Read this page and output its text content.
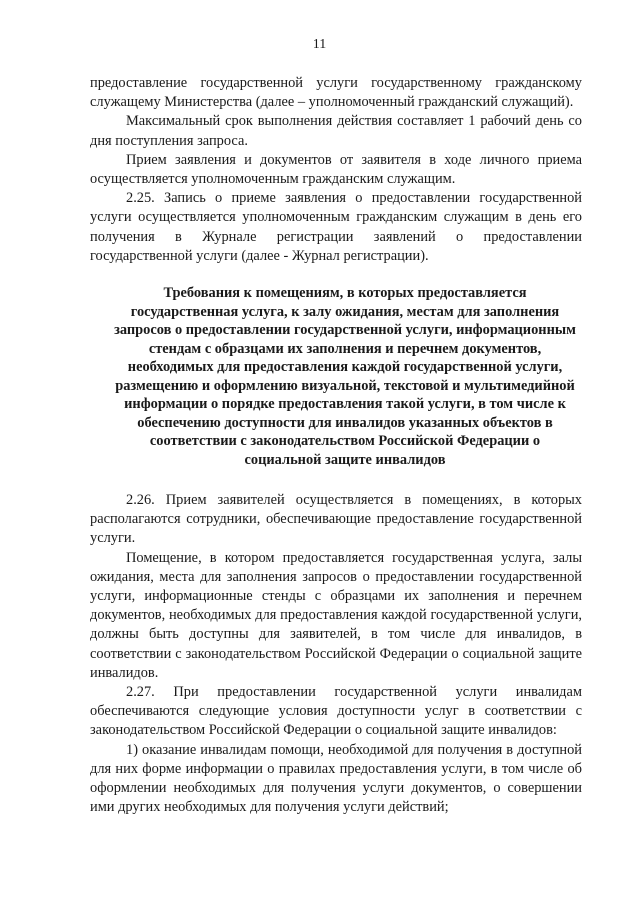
11

предоставление государственной услуги государственному гражданскому служащему Министерства (далее – уполномоченный гражданский служащий).

Максимальный срок выполнения действия составляет 1 рабочий день со дня поступления запроса.

Прием заявления и документов от заявителя в ходе личного приема осуществляется уполномоченным гражданским служащим.

2.25. Запись о приеме заявления о предоставлении государственной услуги осуществляется уполномоченным гражданским служащим в день его получения в Журнале регистрации заявлений о предоставлении государственной услуги (далее - Журнал регистрации).

Требования к помещениям, в которых предоставляется
государственная услуга, к залу ожидания, местам для заполнения
запросов о предоставлении государственной услуги, информационным
стендам с образцами их заполнения и перечнем документов,
необходимых для предоставления каждой государственной услуги,
размещению и оформлению визуальной, текстовой и мультимедийной
информации о порядке предоставления такой услуги, в том числе к
обеспечению доступности для инвалидов указанных объектов в
соответствии с законодательством Российской Федерации о
социальной защите инвалидов

2.26. Прием заявителей осуществляется в помещениях, в которых располагаются сотрудники, обеспечивающие предоставление государственной услуги.

Помещение, в котором предоставляется государственная услуга, залы ожидания, места для заполнения запросов о предоставлении государственной услуги, информационные стенды с образцами их заполнения и перечнем документов, необходимых для предоставления каждой государственной услуги, должны быть доступны для заявителей, в том числе для инвалидов, в соответствии с законодательством Российской Федерации о социальной защите инвалидов.

2.27. При предоставлении государственной услуги инвалидам обеспечиваются следующие условия доступности услуг в соответствии с законодательством Российской Федерации о социальной защите инвалидов:

1) оказание инвалидам помощи, необходимой для получения в доступной для них форме информации о правилах предоставления услуги, в том числе об оформлении необходимых для получения услуги документов, о совершении ими других необходимых для получения услуги действий;
